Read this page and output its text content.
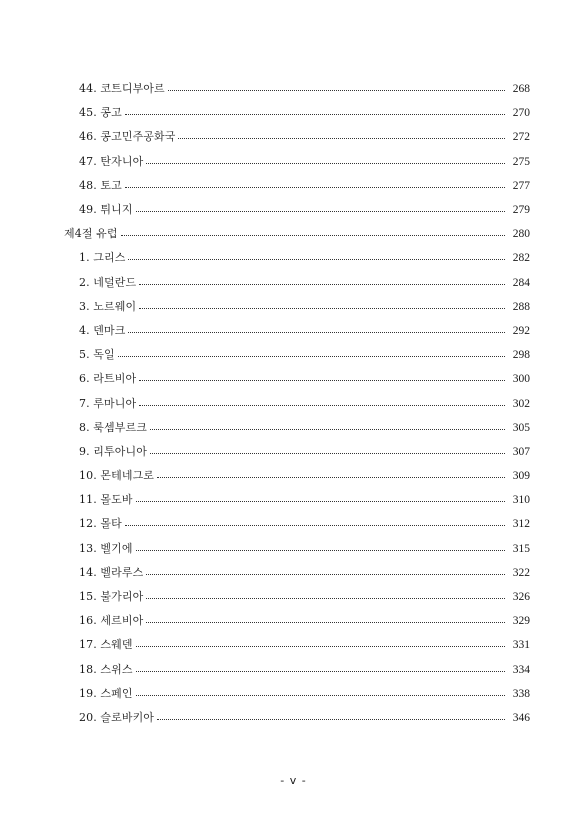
44. 코트디부아르	268
45. 콩고	270
46. 콩고민주공화국	272
47. 탄자니아	275
48. 토고	277
49. 튀니지	279
제4절 유럽	280
1. 그리스	282
2. 네덜란드	284
3. 노르웨이	288
4. 덴마크	292
5. 독일	298
6. 라트비아	300
7. 루마니아	302
8. 룩셈부르크	305
9. 리투아니아	307
10. 몬테네그로	309
11. 몰도바	310
12. 몰타	312
13. 벨기에	315
14. 벨라루스	322
15. 불가리아	326
16. 세르비아	329
17. 스웨덴	331
18. 스위스	334
19. 스페인	338
20. 슬로바키아	346
- v -
